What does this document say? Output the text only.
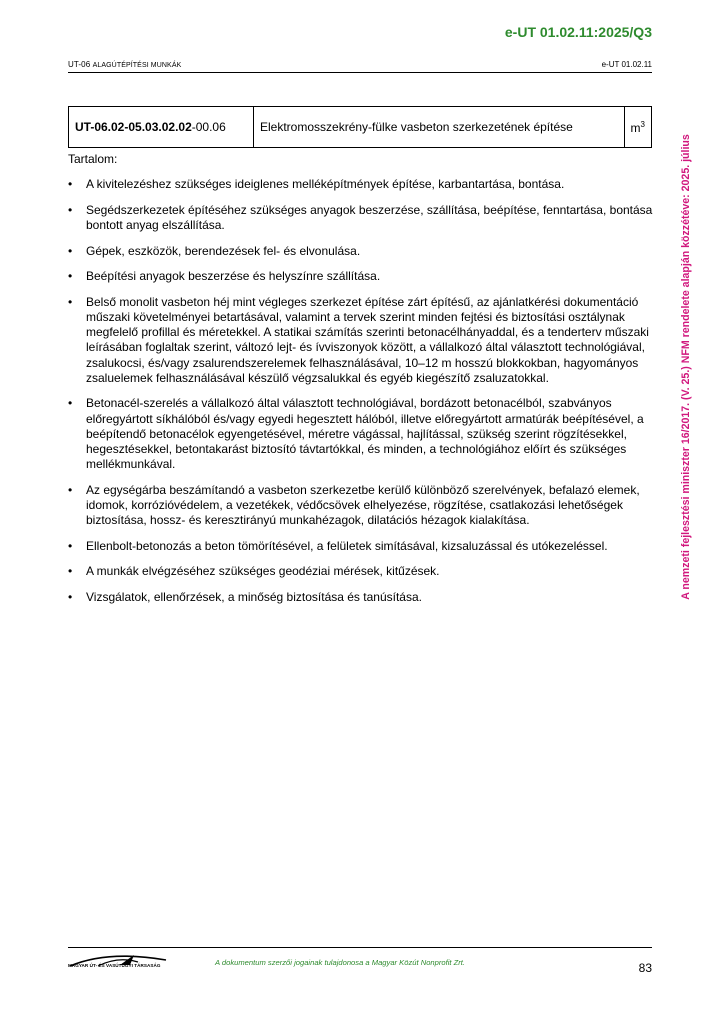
e-UT 01.02.11:2025/Q3
UT-06 ALAGÚTÉPÍTÉSI MUNKÁK	e-UT 01.02.11
A nemzeti fejlesztési miniszter 16/2017. (V. 25.) NFM rendelete alapján közzétéve: 2025. július
UT-06.02-05.03.02.02-00.06	Elektromosszekrény-fülke vasbeton szerkezetének építése	$m^3$

Tartalom:

•	A kivitelezéshez szükséges ideiglenes melléképítmények építése, karbantartása, bontása.
•	Segédszerkezetek építéséhez szükséges anyagok beszerzése, szállítása, beépítése, fenntartása, bontása bontott anyag elszállítása.
•	Gépek, eszközök, berendezések fel- és elvonulása.
•	Beépítési anyagok beszerzése és helyszínre szállítása.
•	Belső monolit vasbeton héj mint végleges szerkezet építése zárt építésű, az ajánlatkérési dokumentáció műszaki követelményei betartásával, valamint a tervek szerint minden fejtési és biztosítási osztálynak megfelelő profillal és méretekkel. A statikai számítás szerinti betonacélhányaddal, és a tenderterv műszaki leírásában foglaltak szerint, változó lejt- és ívviszonyok között, a vállalkozó által választott technológiával, zsalukocsi, és/vagy zsalurendszerelemek felhasználásával, 10–12 m hosszú blokkokban, hagyományos zsaluelemek felhasználásával készülő végzsalukkal és egyéb kiegészítő zsaluzatokkal.
•	Betonacél-szerelés a vállalkozó által választott technológiával, bordázott betonacélból, szabványos előregyártott síkhálóból és/vagy egyedi hegesztett hálóból, illetve előregyártott armatúrák beépítésével, a beépítendő betonacélok egyengetésével, méretre vágással, hajlítással, szükség szerint rögzítésekkel, hegesztésekkel, betontakarást biztosító távtartókkal, és minden, a technológiához előírt és szükséges mellékmunkával.
•	Az egységárba beszámítandó a vasbeton szerkezetbe kerülő különböző szerelvények, befalazó elemek, idomok, korrózióvédelem, a vezetékek, védőcsövek elhelyezése, rögzítése, csatlakozási lehetőségek biztosítása, hossz- és keresztirányú munkahézagok, dilatációs hézagok kialakítása.
•	Ellenbolt-betonozás a beton tömörítésével, a felületek simításával, kizsaluzással és utókezeléssel.
•	A munkák elvégzéséhez szükséges geodéziai mérések, kitűzések.
•	Vizsgálatok, ellenőrzések, a minőség biztosítása és tanúsítása.
MAGYAR ÚT- ÉS VASÚTÜGYI TÁRSASÁG	A dokumentum szerzői jogainak tulajdonosa a Magyar Közút Nonprofit Zrt.	83
